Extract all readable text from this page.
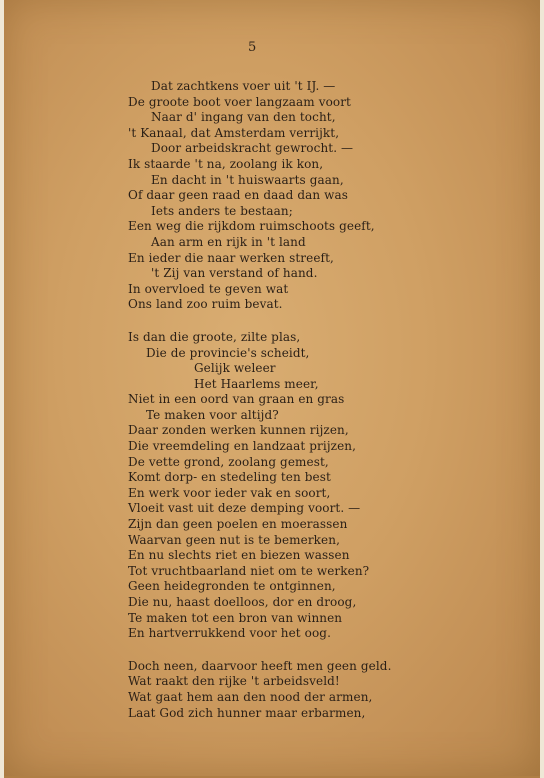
5
Dat zachtkens voer uit 't IJ. —
De groote boot voer langzaam voort
Naar d' ingang van den tocht,
't Kanaal, dat Amsterdam verrijkt,
Door arbeidskracht gewrocht. —
Ik staarde 't na, zoolang ik kon,
En dacht in 't huiswaarts gaan,
Of daar geen raad en daad dan was
Iets anders te bestaan;
Een weg die rijkdom ruimschoots geeft,
Aan arm en rijk in 't land
En ieder die naar werken streeft,
't Zij van verstand of hand.
In overvloed te geven wat
Ons land zoo ruim bevat.
Is dan die groote, zilte plas,
Die de provincie's scheidt,
Gelijk weleer
Het Haarlems meer,
Niet in een oord van graan en gras
Te maken voor altijd?
Daar zonden werken kunnen rijzen,
Die vreemdeling en landzaat prijzen,
De vette grond, zoolang gemest,
Komt dorp- en stedeling ten best
En werk voor ieder vak en soort,
Vloeit vast uit deze demping voort. —
Zijn dan geen poelen en moerassen
Waarvan geen nut is te bemerken,
En nu slechts riet en biezen wassen
Tot vruchtbaarland niet om te werken?
Geen heidegronden te ontginnen,
Die nu, haast doelloos, dor en droog,
Te maken tot een bron van winnen
En hartverrukkend voor het oog.
Doch neen, daarvoor heeft men geen geld.
Wat raakt den rijke 't arbeidsveld!
Wat gaat hem aan den nood der armen,
Laat God zich hunner maar erbarmen,
